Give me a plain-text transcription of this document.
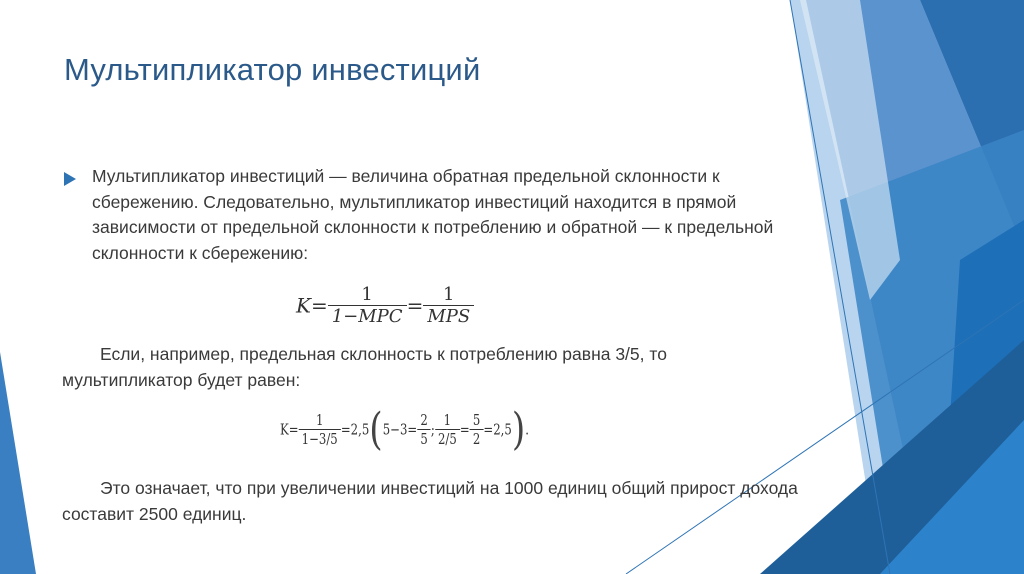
Мультипликатор инвестиций
Мультипликатор инвестиций — величина обратная предельной склонности к сбережению. Следовательно, мультипликатор инвестиций находится в прямой зависимости от предельной склонности к потреблению и обратной — к предельной склонности к сбережению:
$K= \frac{1}{\text{1−MPC}} = \frac{1}{\text{MPS}}$
Если, например, предельная склонность к потреблению равна 3/5, то мультипликатор будет равен:
$K= \frac{1}{1-3/5} =2,5(5-3= \frac{2}{5}$ ; $\frac{1}{2/5} = \frac{5}{2} =2,5$).
Это означает, что при увеличении инвестиций на 1000 единиц общий прирост дохода составит 2500 единиц.
